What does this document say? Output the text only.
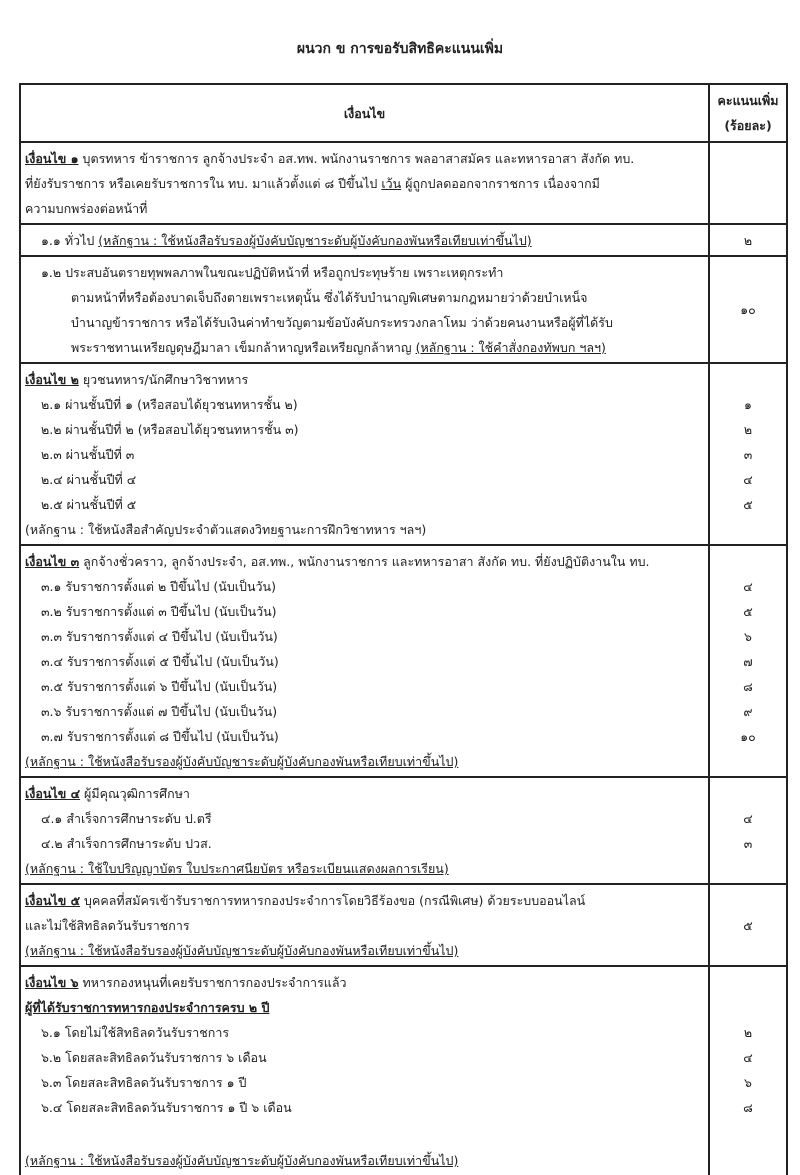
ผนวก ข การขอรับสิทธิคะแนนเพิ่ม
เงื่อนไข
คะแนนเพิ่ม
(ร้อยละ)
เงื่อนไข ๑ บุตรทหาร ข้าราชการ ลูกจ้างประจำ อส.ทพ. พนักงานราชการ พลอาสาสมัคร และทหารอาสา สังกัด ทบ.
ที่ยังรับราชการ หรือเคยรับราชการใน ทบ. มาแล้วตั้งแต่ ๘ ปีขึ้นไป เว้น ผู้ถูกปลดออกจากราชการ เนื่องจากมี
ความบกพร่องต่อหน้าที่
๑.๑ ทั่วไป (หลักฐาน : ใช้หนังสือรับรองผู้บังคับบัญชาระดับผู้บังคับกองพันหรือเทียบเท่าขึ้นไป)	๒
๑.๒ ประสบอันตรายทุพพลภาพในขณะปฏิบัติหน้าที่ หรือถูกประทุษร้าย เพราะเหตุกระทำ
ตามหน้าที่หรือต้องบาดเจ็บถึงตายเพราะเหตุนั้น ซึ่งได้รับบำนาญพิเศษตามกฎหมายว่าด้วยบำเหน็จ
บำนาญข้าราชการ หรือได้รับเงินค่าทำขวัญตามข้อบังคับกระทรวงกลาโหม ว่าด้วยคนงานหรือผู้ที่ได้รับ
พระราชทานเหรียญดุษฎีมาลา เข็มกล้าหาญหรือเหรียญกล้าหาญ (หลักฐาน : ใช้คำสั่งกองทัพบก ฯลฯ)
๑๐
เงื่อนไข ๒ ยุวชนทหาร/นักศึกษาวิชาทหาร
๒.๑ ผ่านชั้นปีที่ ๑ (หรือสอบได้ยุวชนทหารชั้น ๒)
๒.๒ ผ่านชั้นปีที่ ๒ (หรือสอบได้ยุวชนทหารชั้น ๓)
๒.๓ ผ่านชั้นปีที่ ๓
๒.๔ ผ่านชั้นปีที่ ๔
๒.๕ ผ่านชั้นปีที่ ๕
(หลักฐาน : ใช้หนังสือสำคัญประจำตัวแสดงวิทยฐานะการฝึกวิชาทหาร ฯลฯ)
๑
๒
๓
๔
๕
เงื่อนไข ๓ ลูกจ้างชั่วคราว, ลูกจ้างประจำ, อส.ทพ., พนักงานราชการ และทหารอาสา สังกัด ทบ. ที่ยังปฏิบัติงานใน ทบ.
๓.๑ รับราชการตั้งแต่ ๒ ปีขึ้นไป (นับเป็นวัน)
๓.๒ รับราชการตั้งแต่ ๓ ปีขึ้นไป (นับเป็นวัน)
๓.๓ รับราชการตั้งแต่ ๔ ปีขึ้นไป (นับเป็นวัน)
๓.๔ รับราชการตั้งแต่ ๕ ปีขึ้นไป (นับเป็นวัน)
๓.๕ รับราชการตั้งแต่ ๖ ปีขึ้นไป (นับเป็นวัน)
๓.๖ รับราชการตั้งแต่ ๗ ปีขึ้นไป (นับเป็นวัน)
๓.๗ รับราชการตั้งแต่ ๘ ปีขึ้นไป (นับเป็นวัน)
(หลักฐาน : ใช้หนังสือรับรองผู้บังคับบัญชาระดับผู้บังคับกองพันหรือเทียบเท่าขึ้นไป)
๔
๕
๖
๗
๘
๙
๑๐
เงื่อนไข ๔ ผู้มีคุณวุฒิการศึกษา
๔.๑ สำเร็จการศึกษาระดับ ป.ตรี
๔.๒ สำเร็จการศึกษาระดับ ปวส.
(หลักฐาน : ใช้ใบปริญญาบัตร ใบประกาศนียบัตร หรือระเบียนแสดงผลการเรียน)
๔
๓
เงื่อนไข ๕ บุคคลที่สมัครเข้ารับราชการทหารกองประจำการโดยวิธีร้องขอ (กรณีพิเศษ) ด้วยระบบออนไลน์
และไม่ใช้สิทธิลดวันรับราชการ
(หลักฐาน : ใช้หนังสือรับรองผู้บังคับบัญชาระดับผู้บังคับกองพันหรือเทียบเท่าขึ้นไป)
๕
เงื่อนไข ๖ ทหารกองหนุนที่เคยรับราชการกองประจำการแล้ว
ผู้ที่ได้รับราชการทหารกองประจำการครบ ๒ ปี
๖.๑ โดยไม่ใช้สิทธิลดวันรับราชการ
๖.๒ โดยสละสิทธิลดวันรับราชการ ๖ เดือน
๖.๓ โดยสละสิทธิลดวันรับราชการ ๑ ปี
๖.๔ โดยสละสิทธิลดวันรับราชการ ๑ ปี ๖ เดือน
(หลักฐาน : ใช้หนังสือรับรองผู้บังคับบัญชาระดับผู้บังคับกองพันหรือเทียบเท่าขึ้นไป)
๒
๔
๖
๘
